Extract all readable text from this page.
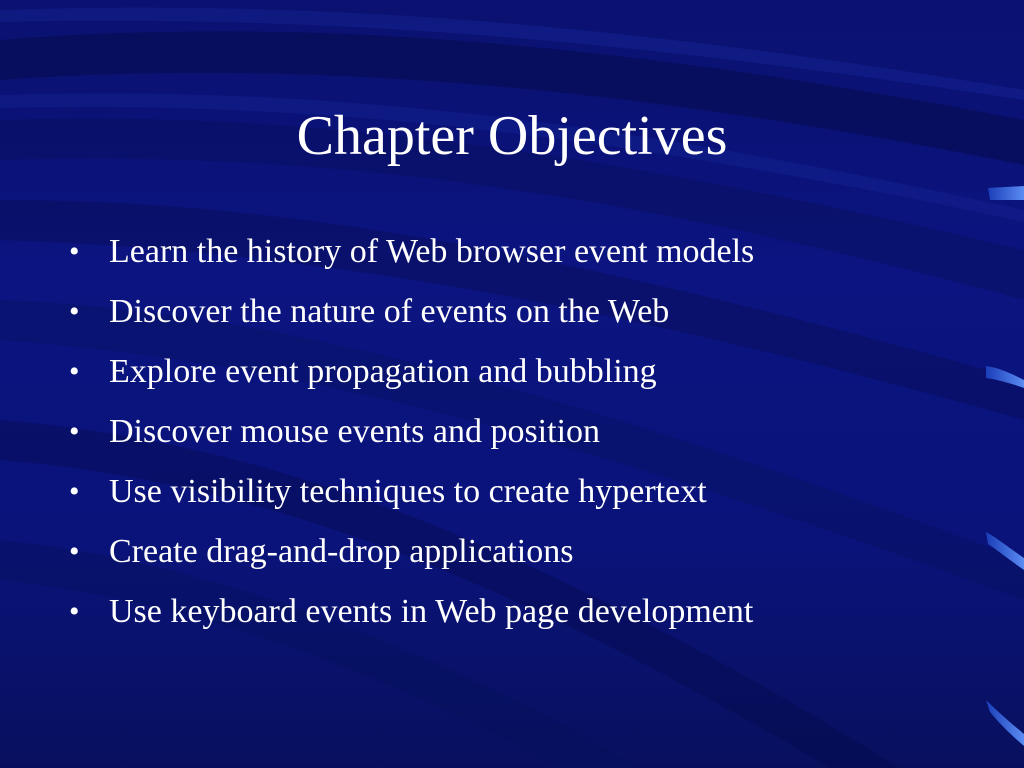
Chapter Objectives
• Learn the history of Web browser event models
• Discover the nature of events on the Web
• Explore event propagation and bubbling
• Discover mouse events and position
• Use visibility techniques to create hypertext
• Create drag-and-drop applications
• Use keyboard events in Web page development
